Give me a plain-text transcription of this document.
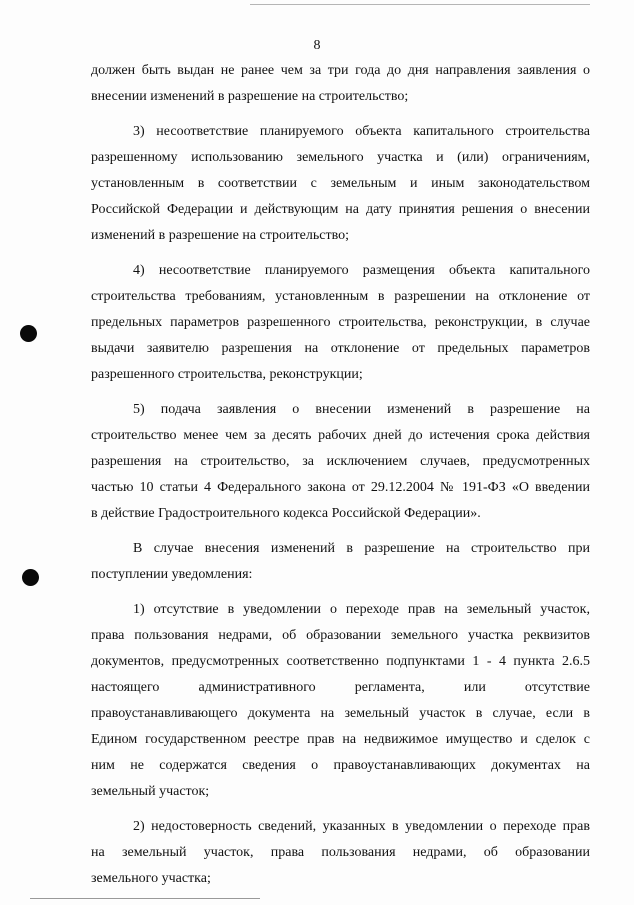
8
должен быть выдан не ранее чем за три года до дня направления заявления о
внесении изменений в разрешение на строительство;
3) несоответствие планируемого объекта капитального строительства
разрешенному использованию земельного участка и (или) ограничениям,
установленным в соответствии с земельным и иным законодательством
Российской Федерации и действующим на дату принятия решения о внесении
изменений в разрешение на строительство;
4) несоответствие планируемого размещения объекта капитального
строительства требованиям, установленным в разрешении на отклонение от
предельных параметров разрешенного строительства, реконструкции, в случае
выдачи заявителю разрешения на отклонение от предельных параметров
разрешенного строительства, реконструкции;
5) подача заявления о внесении изменений в разрешение на
строительство менее чем за десять рабочих дней до истечения срока действия
разрешения на строительство, за исключением случаев, предусмотренных
частью 10 статьи 4 Федерального закона от 29.12.2004 № 191-ФЗ «О введении
в действие Градостроительного кодекса Российской Федерации».
В случае внесения изменений в разрешение на строительство при
поступлении уведомления:
1) отсутствие в уведомлении о переходе прав на земельный участок,
права пользования недрами, об образовании земельного участка реквизитов
документов, предусмотренных соответственно подпунктами 1 - 4 пункта 2.6.5
настоящего административного регламента, или отсутствие
правоустанавливающего документа на земельный участок в случае, если в
Едином государственном реестре прав на недвижимое имущество и сделок с
ним не содержатся сведения о правоустанавливающих документах на
земельный участок;
2) недостоверность сведений, указанных в уведомлении о переходе прав
на земельный участок, права пользования недрами, об образовании
земельного участка;
